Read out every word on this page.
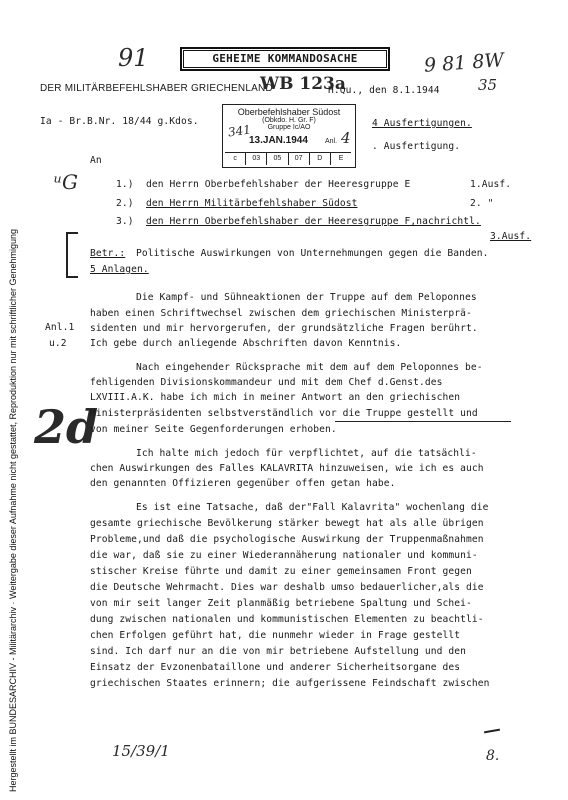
Hergestellt im BUNDESARCHIV - Militärarchiv · Weitergabe dieser Aufnahme nicht gestattet, Reproduktion nur mit schriftlicher Genehmigung
91	GEHEIME KOMMANDOSACHE	9 81 8W
DER MILITÄRBEFEHLSHABER GRIECHENLAND
WB 123a
H.Qu., den 8.1.1944	35
Ia - Br.B.Nr. 18/44 g.Kdos.	4 Ausfertigungen.
. Ausfertigung.
Oberbefehlshaber Südost
(Obkdo. H. Gr. F)
Gruppe Ic/AO
13.JAN.1944 Anl. 4
c	03	05	07	D	E
341
An
ᵘG	1.) den Herrn Oberbefehlshaber der Heeresgruppe E	1.Ausf.
2.) den Herrn Militärbefehlshaber Südost	2. "
3.) den Herrn Oberbefehlshaber der Heeresgruppe F,nachrichtl.
3.Ausf.
Betr.: Politische Auswirkungen von Unternehmungen gegen die Banden.
5 Anlagen.
Anl.1
u.2
2d
Die Kampf- und Sühneaktionen der Truppe auf dem Peloponnes
haben einen Schriftwechsel zwischen dem griechischen Ministerprä-
sidenten und mir hervorgerufen, der grundsätzliche Fragen berührt.
Ich gebe durch anliegende Abschriften davon Kenntnis.
Nach eingehender Rücksprache mit dem auf dem Peloponnes be-
fehligenden Divisionskommandeur und mit dem Chef d.Genst.des
LXVIII.A.K. habe ich mich in meiner Antwort an den griechischen
Ministerpräsidenten selbstverständlich vor die Truppe gestellt und
von meiner Seite Gegenforderungen erhoben.
Ich halte mich jedoch für verpflichtet, auf die tatsächli-
chen Auswirkungen des Falles KALAVRITA hinzuweisen, wie ich es auch
den genannten Offizieren gegenüber offen getan habe.
Es ist eine Tatsache, daß der"Fall Kalavrita" wochenlang die
gesamte griechische Bevölkerung stärker bewegt hat als alle übrigen
Probleme,und daß die psychologische Auswirkung der Truppenmaßnahmen
die war, daß sie zu einer Wiederannäherung nationaler und kommuni-
stischer Kreise führte und damit zu einer gemeinsamen Front gegen
die Deutsche Wehrmacht. Dies war deshalb umso bedauerlicher,als die
von mir seit langer Zeit planmäßig betriebene Spaltung und Schei-
dung zwischen nationalen und kommunistischen Elementen zu beachtli-
chen Erfolgen geführt hat, die nunmehr wieder in Frage gestellt
sind. Ich darf nur an die von mir betriebene Aufstellung und den
Einsatz der Evzonenbataillone und anderer Sicherheitsorgane des
griechischen Staates erinnern; die aufgerissene Feindschaft zwischen
15/39/1	8.
